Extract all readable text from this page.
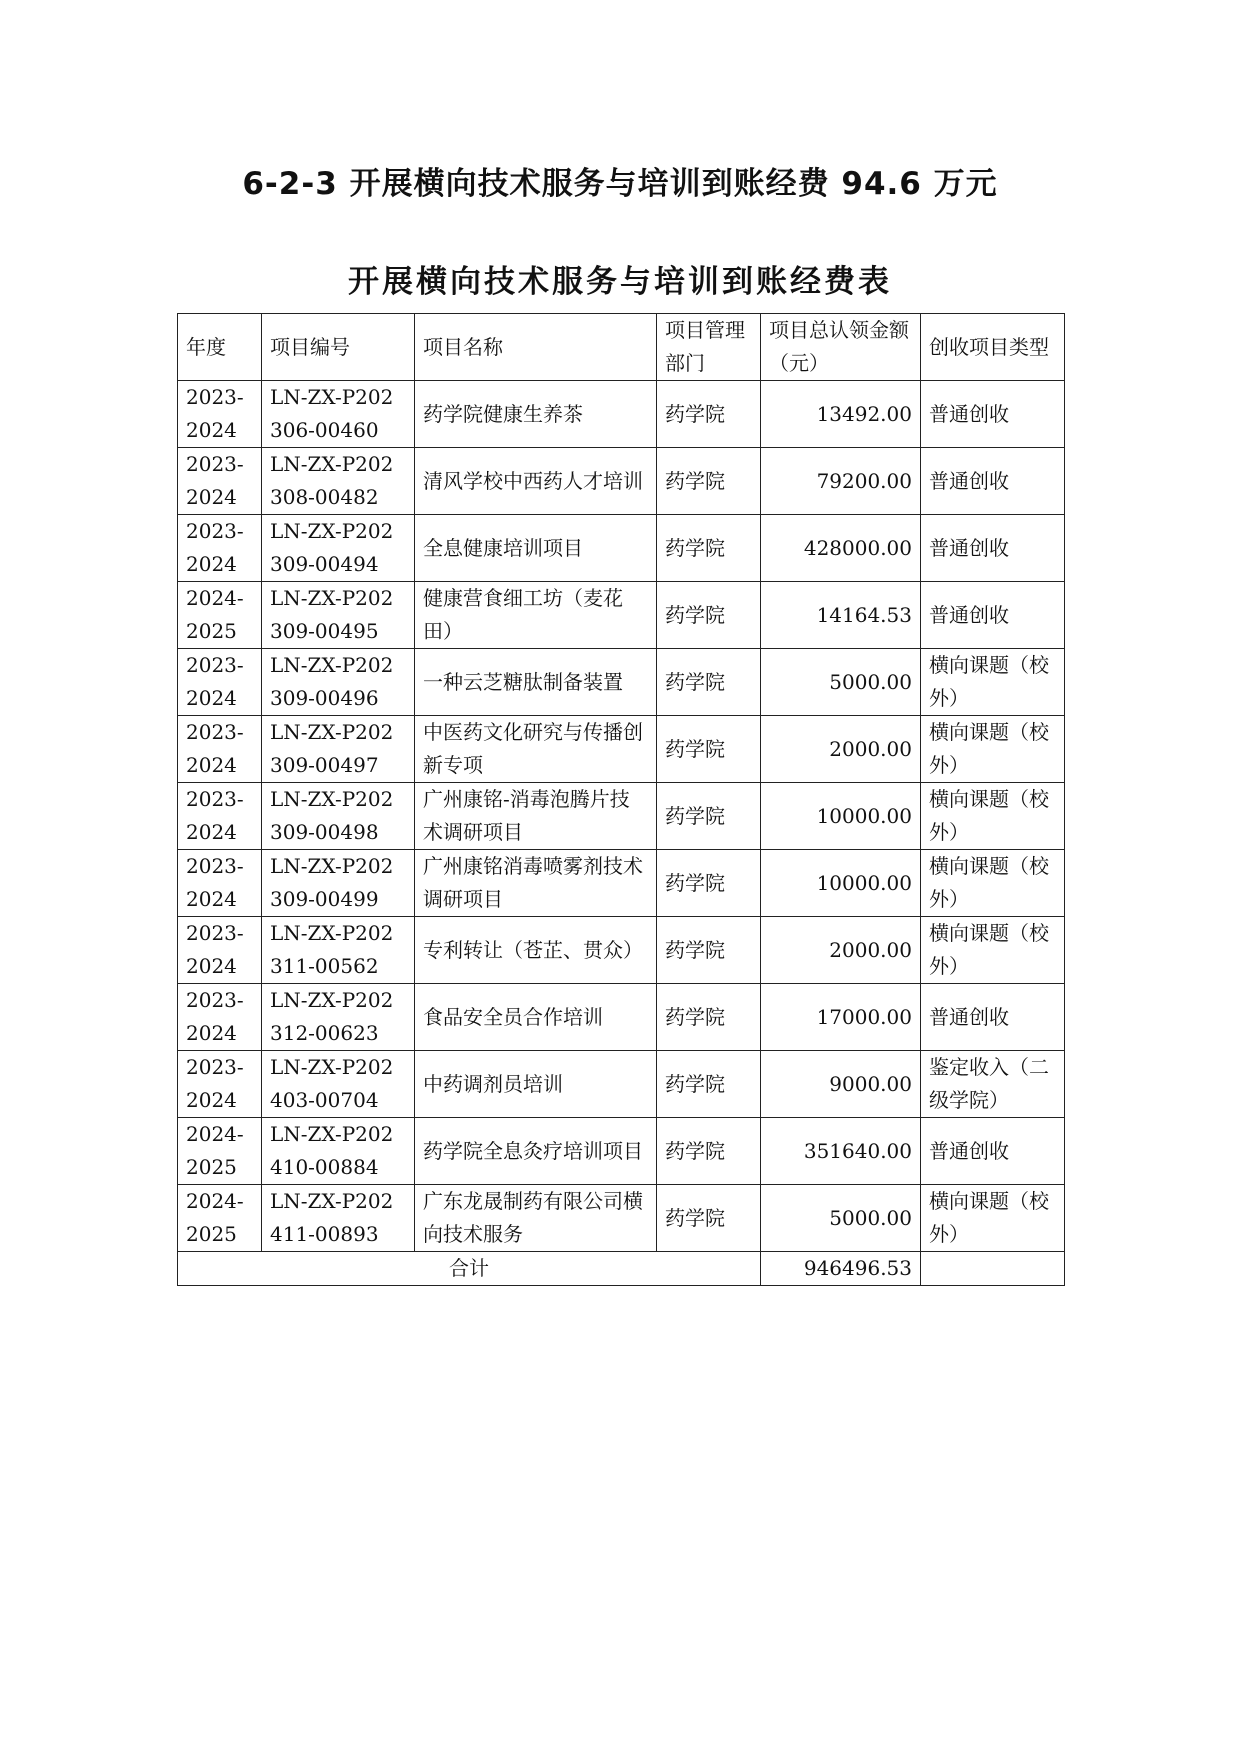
6-2-3 开展横向技术服务与培训到账经费 94.6 万元
开展横向技术服务与培训到账经费表
年度	项目编号	项目名称	项目管理部门	项目总认领金额（元）	创收项目类型
2023-2024	LN-ZX-P202306-00460	药学院健康生养茶	药学院	13492.00	普通创收
2023-2024	LN-ZX-P202308-00482	清风学校中西药人才培训	药学院	79200.00	普通创收
2023-2024	LN-ZX-P202309-00494	全息健康培训项目	药学院	428000.00	普通创收
2024-2025	LN-ZX-P202309-00495	健康营食细工坊（麦花田）	药学院	14164.53	普通创收
2023-2024	LN-ZX-P202309-00496	一种云芝糖肽制备装置	药学院	5000.00	横向课题（校外）
2023-2024	LN-ZX-P202309-00497	中医药文化研究与传播创新专项	药学院	2000.00	横向课题（校外）
2023-2024	LN-ZX-P202309-00498	广州康铭-消毒泡腾片技术调研项目	药学院	10000.00	横向课题（校外）
2023-2024	LN-ZX-P202309-00499	广州康铭消毒喷雾剂技术调研项目	药学院	10000.00	横向课题（校外）
2023-2024	LN-ZX-P202311-00562	专利转让（苍芷、贯众）	药学院	2000.00	横向课题（校外）
2023-2024	LN-ZX-P202312-00623	食品安全员合作培训	药学院	17000.00	普通创收
2023-2024	LN-ZX-P202403-00704	中药调剂员培训	药学院	9000.00	鉴定收入（二级学院）
2024-2025	LN-ZX-P202410-00884	药学院全息灸疗培训项目	药学院	351640.00	普通创收
2024-2025	LN-ZX-P202411-00893	广东龙晟制药有限公司横向技术服务	药学院	5000.00	横向课题（校外）
合计				946496.53	
